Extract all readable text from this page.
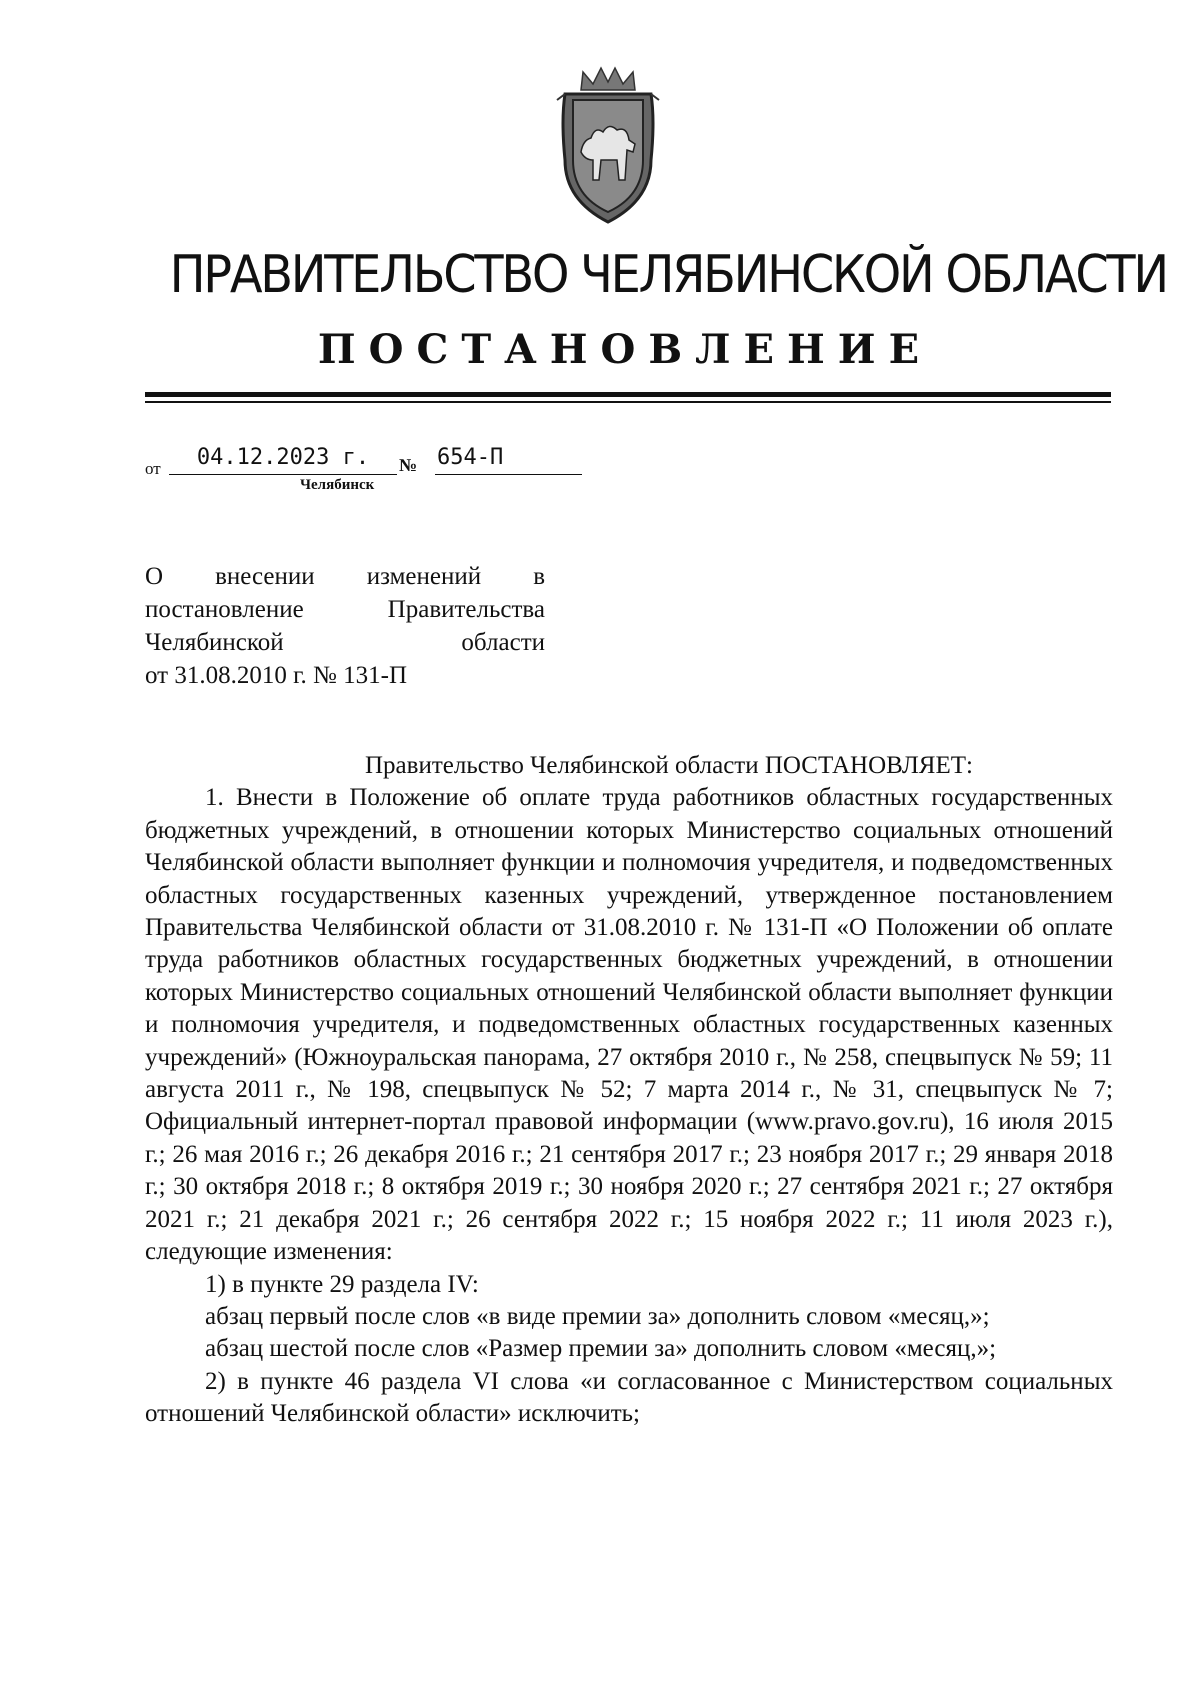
ПРАВИТЕЛЬСТВО ЧЕЛЯБИНСКОЙ ОБЛАСТИ
ПОСТАНОВЛЕНИЕ
от	04.12.2023 г.	№ 654-П
Челябинск
О внесении изменений в
постановление Правительства
Челябинской области
от 31.08.2010 г. № 131-П

Правительство Челябинской области ПОСТАНОВЛЯЕТ:

1. Внести в Положение об оплате труда работников областных государственных бюджетных учреждений, в отношении которых Министерство социальных отношений Челябинской области выполняет функции и полномочия учредителя, и подведомственных областных государственных казенных учреждений, утвержденное постановлением Правительства Челябинской области от 31.08.2010 г. № 131-П «О Положении об оплате труда работников областных государственных бюджетных учреждений, в отношении которых Министерство социальных отношений Челябинской области выполняет функции и полномочия учредителя, и подведомственных областных государственных казенных учреждений» (Южноуральская панорама, 27 октября 2010 г., № 258, спецвыпуск № 59; 11 августа 2011 г., № 198, спецвыпуск № 52; 7 марта 2014 г., № 31, спецвыпуск № 7; Официальный интернет-портал правовой информации (www.pravo.gov.ru), 16 июля 2015 г.; 26 мая 2016 г.; 26 декабря 2016 г.; 21 сентября 2017 г.; 23 ноября 2017 г.; 29 января 2018 г.; 30 октября 2018 г.; 8 октября 2019 г.; 30 ноября 2020 г.; 27 сентября 2021 г.; 27 октября 2021 г.; 21 декабря 2021 г.; 26 сентября 2022 г.; 15 ноября 2022 г.; 11 июля 2023 г.), следующие изменения:

1) в пункте 29 раздела IV:

абзац первый после слов «в виде премии за» дополнить словом «месяц,»;

абзац шестой после слов «Размер премии за» дополнить словом «месяц,»;

2) в пункте 46 раздела VI слова «и согласованное с Министерством социальных отношений Челябинской области» исключить;
